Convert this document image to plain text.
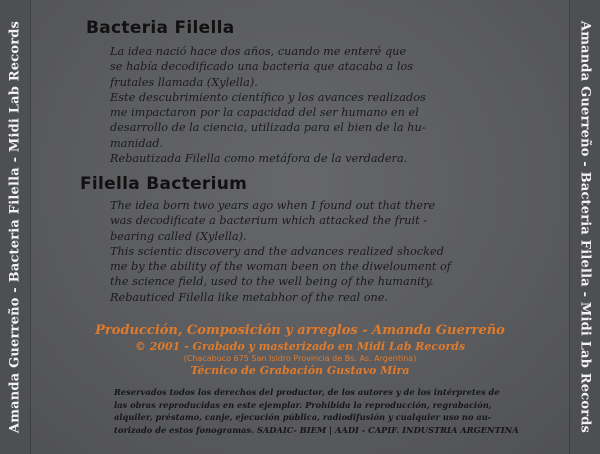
Amanda Guerreño - Bacteria Filella - Midi Lab Records	Amanda Guerreño - Bacteria Filella - Midi Lab Records
Bacteria Filella
La idea nació hace dos años, cuando me enteré que
se había decodificado una bacteria que atacaba a los
frutales llamada (Xylella).
Este descubrimiento científico y los avances realizados
me impactaron por la capacidad del ser humano en el
desarrollo de la ciencia, utilizada para el bien de la hu-
manidad.
Rebautizada Filella como metáfora de la verdadera.
Filella Bacterium
The idea born two years ago when I found out that there
was decodificate a bacterium which attacked the fruit -
bearing called (Xylella).
This scientic discovery and the advances realized shocked
me by the ability of the woman been on the diweloument of
the science field, used to the well being of the humanity.
Rebauticed Filella like metabhor of the real one.
Producción, Composición y arreglos - Amanda Guerreño
© 2001 - Grabado y masterizado en Midi Lab Records
(Chacabuco 675 San Isidro Provincia de Bs. As. Argentina)
Técnico de Grabación Gustavo Mira
Reservados todos los derechos del productor, de los autores y de los intérpretes de
las obras reproducidas en este ejemplar. Prohibida la reproducción, regrabación,
alquiler, préstamo, canje, ejecución pública, radiodifusión y cualquier uso no au-
torizado de estos fonogramas. SADAIC- BIEM | AADI - CAPIF. INDUSTRIA ARGENTINA
